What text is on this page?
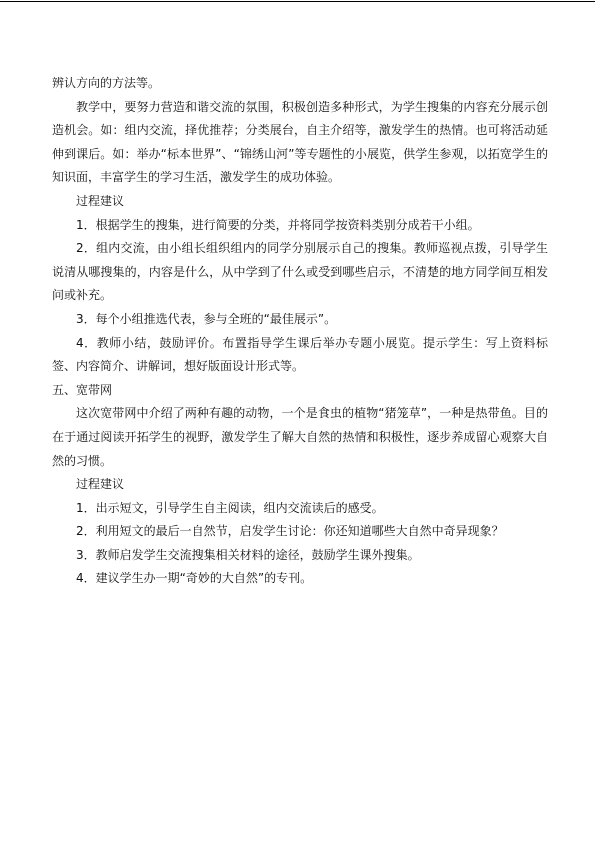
辨认方向的方法等。

教学中，要努力营造和谐交流的氛围，积极创造多种形式，为学生搜集的内容充分展示创造机会。如：组内交流，择优推荐；分类展台，自主介绍等，激发学生的热情。也可将活动延伸到课后。如：举办“标本世界”、“锦绣山河”等专题性的小展览，供学生参观，以拓宽学生的知识面，丰富学生的学习生活，激发学生的成功体验。

过程建议

1．根据学生的搜集，进行简要的分类，并将同学按资料类别分成若干小组。

2．组内交流，由小组长组织组内的同学分别展示自己的搜集。教师巡视点拨，引导学生说清从哪搜集的，内容是什么，从中学到了什么或受到哪些启示，不清楚的地方同学间互相发问或补充。

3．每个小组推选代表，参与全班的“最佳展示”。

4．教师小结，鼓励评价。布置指导学生课后举办专题小展览。提示学生：写上资料标签、内容简介、讲解词，想好版面设计形式等。

五、宽带网

这次宽带网中介绍了两种有趣的动物，一个是食虫的植物“猪笼草”，一种是热带鱼。目的在于通过阅读开拓学生的视野，激发学生了解大自然的热情和积极性，逐步养成留心观察大自然的习惯。

过程建议

1．出示短文，引导学生自主阅读，组内交流读后的感受。

2．利用短文的最后一自然节，启发学生讨论：你还知道哪些大自然中奇异现象？

3．教师启发学生交流搜集相关材料的途径，鼓励学生课外搜集。

4．建议学生办一期“奇妙的大自然”的专刊。
